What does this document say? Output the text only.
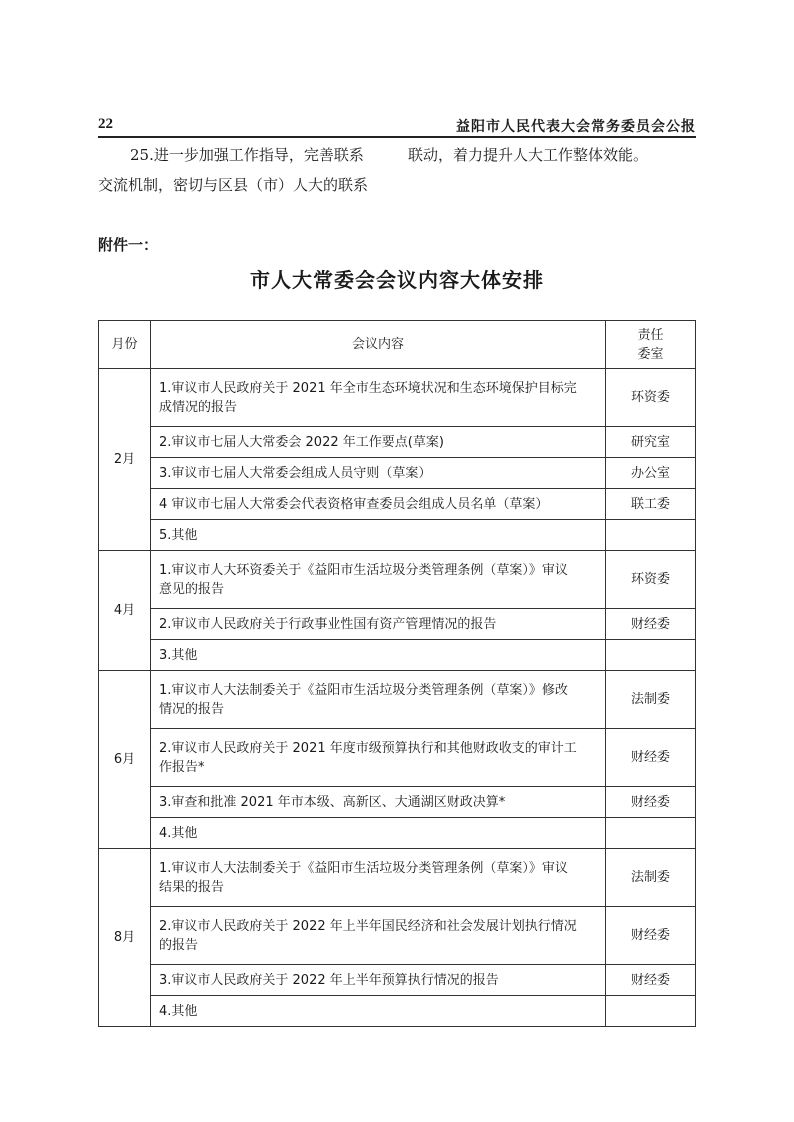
22	益阳市人民代表大会常务委员会公报
25.进一步加强工作指导，完善联系	联动，着力提升人大工作整体效能。
交流机制，密切与区县（市）人大的联系
附件一：
市人大常委会会议内容大体安排
月份	会议内容	责任
委室

2月	1.审议市人民政府关于 2021 年全市生态环境状况和生态环境保护目标完
成情况的报告	环资委

	2.审议市七届人大常委会 2022 年工作要点(草案)	研究室

	3.审议市七届人大常委会组成人员守则（草案）	办公室

	4 审议市七届人大常委会代表资格审查委员会组成人员名单（草案）	联工委

	5.其他	

4月	1.审议市人大环资委关于《益阳市生活垃圾分类管理条例（草案）》审议
意见的报告	环资委

	2.审议市人民政府关于行政事业性国有资产管理情况的报告	财经委

	3.其他	

6月	1.审议市人大法制委关于《益阳市生活垃圾分类管理条例（草案）》修改
情况的报告	法制委

	2.审议市人民政府关于 2021 年度市级预算执行和其他财政收支的审计工
作报告*	财经委

	3.审查和批准 2021 年市本级、高新区、大通湖区财政决算*	财经委

	4.其他	

8月	1.审议市人大法制委关于《益阳市生活垃圾分类管理条例（草案）》审议
结果的报告	法制委

	2.审议市人民政府关于 2022 年上半年国民经济和社会发展计划执行情况
的报告	财经委

	3.审议市人民政府关于 2022 年上半年预算执行情况的报告	财经委

	4.其他	
